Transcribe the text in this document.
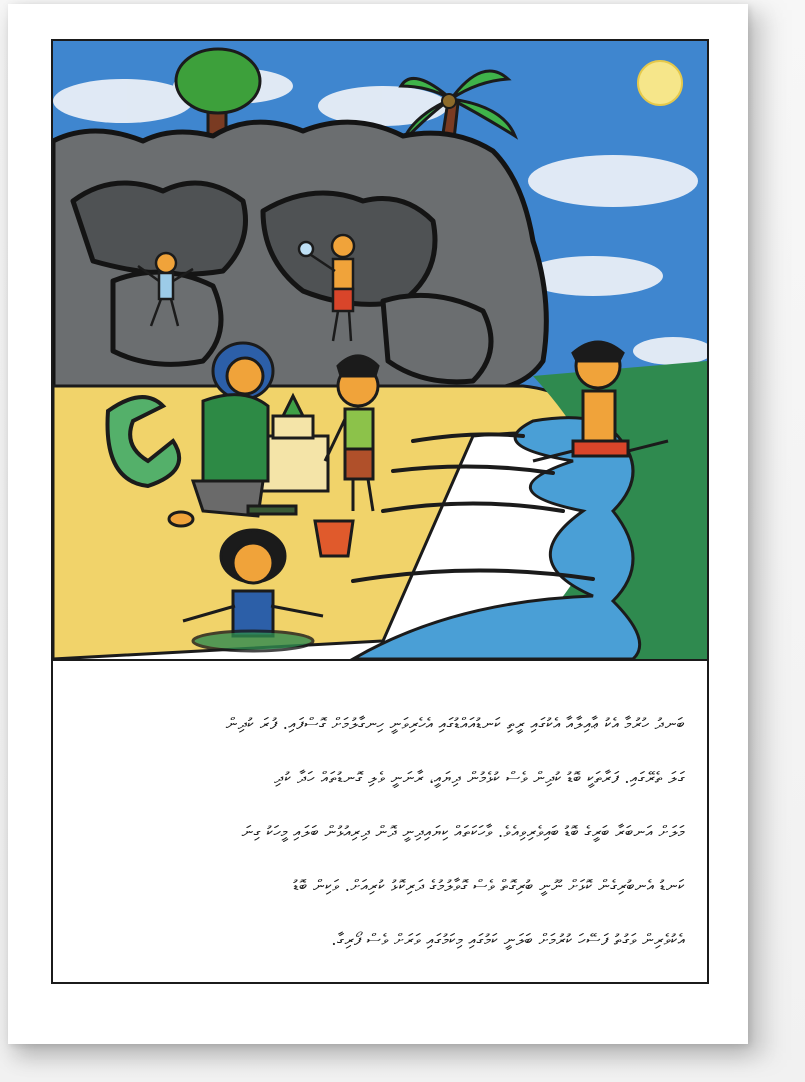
ބަނދު ހުރުމާ އެކު ޢާއިލާއާ އެކުގައި ރީތި ކަނޑުއައްޑުގައި އެހެރިވަނީ ހިނގާލުމަށް ގޮސްފައި. ފުރަ ކުދިން
ގަލަ ތެރޭގައި. ފަރާތަކީ ބޮޑު ކުދިން ވެސް ކުޅެމުން ދިޔައީ، ރާނަނީ ވެލި ގޮނޑުތައް ހަދާ ކުދި
މަލަށް އަނބަރާ ބަރީގެ ބޮޑު ބައިވެރިވިއެވެ. ވާހަކަތައް ކިޔައިދިނީ ދޮން ދިރިއުޅުން ބަލައި މީހަކު ގިނަ
ކަނޑު އެނބުރިގެން ކޮޅަށް ނޫނީ ބުރިގޮތް ވެސް ގޮވާލުމުގެ ދަރިކޮޅު ކުރިއަށް. ވަކިން ބޮޑު
އެކުވެރިން ވަގުތު ފަސޭހަ ކުރުމަށް ބަލަނީ ކަމުގައި މިކަމުގައި ވަރަށް ވެސް ފޯރިގާ.
